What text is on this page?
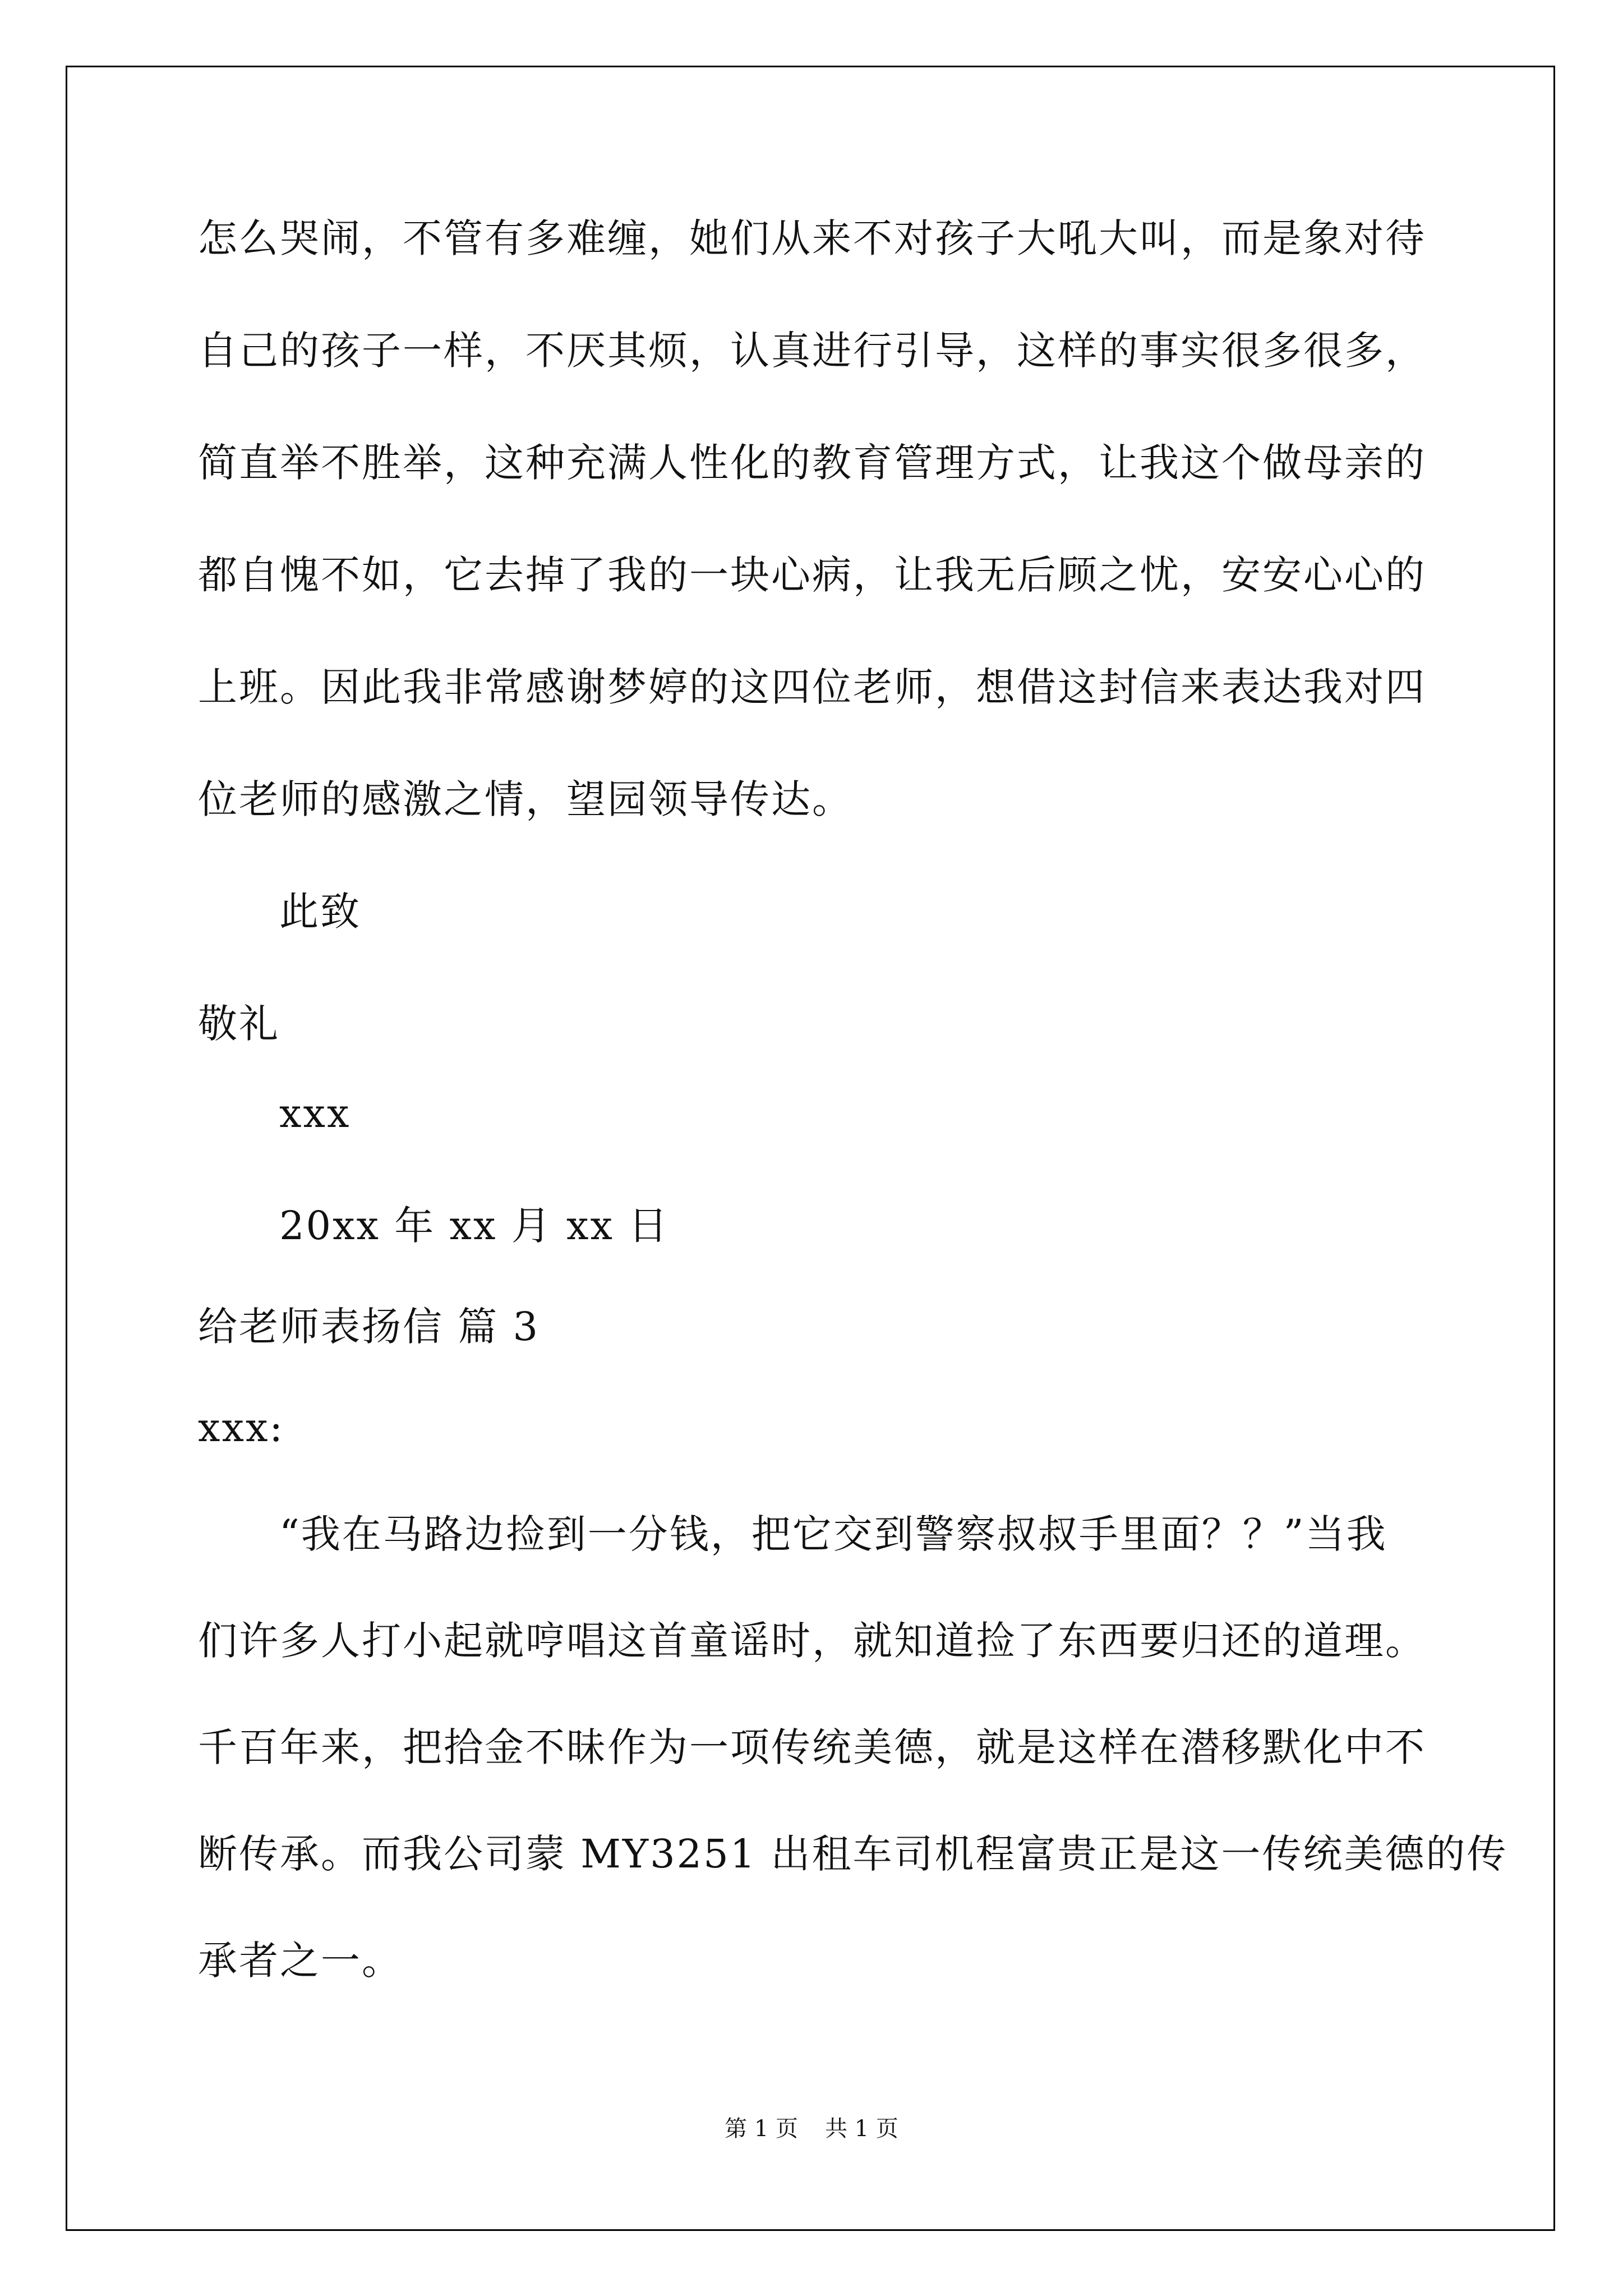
怎么哭闹，不管有多难缠，她们从来不对孩子大吼大叫，而是象对待
自己的孩子一样，不厌其烦，认真进行引导，这样的事实很多很多，
简直举不胜举，这种充满人性化的教育管理方式，让我这个做母亲的
都自愧不如，它去掉了我的一块心病，让我无后顾之忧，安安心心的
上班。因此我非常感谢梦婷的这四位老师，想借这封信来表达我对四
位老师的感激之情，望园领导传达。
此致
敬礼
xxx
20xx 年 xx 月 xx 日
给老师表扬信 篇 3
xxx:
“我在马路边捡到一分钱，把它交到警察叔叔手里面？？”当我
们许多人打小起就哼唱这首童谣时，就知道捡了东西要归还的道理。
千百年来，把拾金不昧作为一项传统美德，就是这样在潜移默化中不
断传承。而我公司蒙 MY3251 出租车司机程富贵正是这一传统美德的传
承者之一。
第 1 页 共 1 页
